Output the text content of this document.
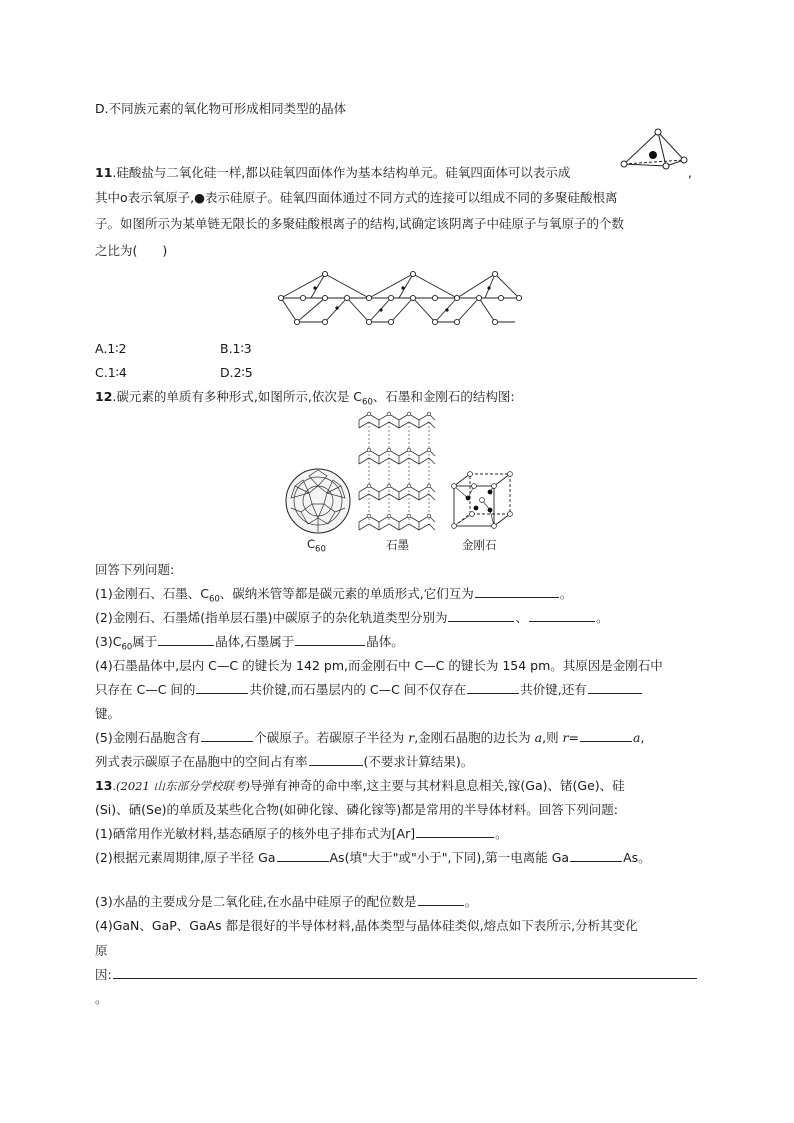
D.不同族元素的氧化物可形成相同类型的晶体
11.硅酸盐与二氧化硅一样,都以硅氧四面体作为基本结构单元。硅氧四面体可以表示成	,
其中o表示氧原子,●表示硅原子。硅氧四面体通过不同方式的连接可以组成不同的多聚硅酸根离
子。如图所示为某单链无限长的多聚硅酸根离子的结构,试确定该阴离子中硅原子与氧原子的个数
之比为(　　)
A.1∶2	B.1∶3
C.1∶4	D.2∶5
12.碳元素的单质有多种形式,如图所示,依次是 $C_{60}$、石墨和金刚石的结构图:
$C_{60}$	石墨	金刚石
回答下列问题:
(1)金刚石、石墨、$C_{60}$、碳纳米管等都是碳元素的单质形式,它们互为	。
(2)金刚石、石墨烯(指单层石墨)中碳原子的杂化轨道类型分别为	、	。
$(3)C_{60}$属于	晶体,石墨属于	晶体。
(4)石墨晶体中,层内 C—C 的键长为 142 pm,而金刚石中 C—C 的键长为 154 pm。其原因是金刚石中
只存在 C—C 间的	共价键,而石墨层内的 C—C 间不仅存在	共价键,还有
键。
(5)金刚石晶胞含有	个碳原子。若碳原子半径为 r,金刚石晶胞的边长为 a,则 r=	a,
列式表示碳原子在晶胞中的空间占有率	(不要求计算结果)。
13.(2021 山东部分学校联考)导弹有神奇的命中率,这主要与其材料息息相关,镓(Ga)、锗(Ge)、硅
(Si)、硒(Se)的单质及某些化合物(如砷化镓、磷化镓等)都是常用的半导体材料。回答下列问题:
(1)硒常用作光敏材料,基态硒原子的核外电子排布式为[Ar]	。
(2)根据元素周期律,原子半径 Ga	As(填"大于"或"小于",下同),第一电离能 Ga	As。
(3)水晶的主要成分是二氧化硅,在水晶中硅原子的配位数是	。
(4)GaN、GaP、GaAs 都是很好的半导体材料,晶体类型与晶体硅类似,熔点如下表所示,分析其变化
原
因:
。
